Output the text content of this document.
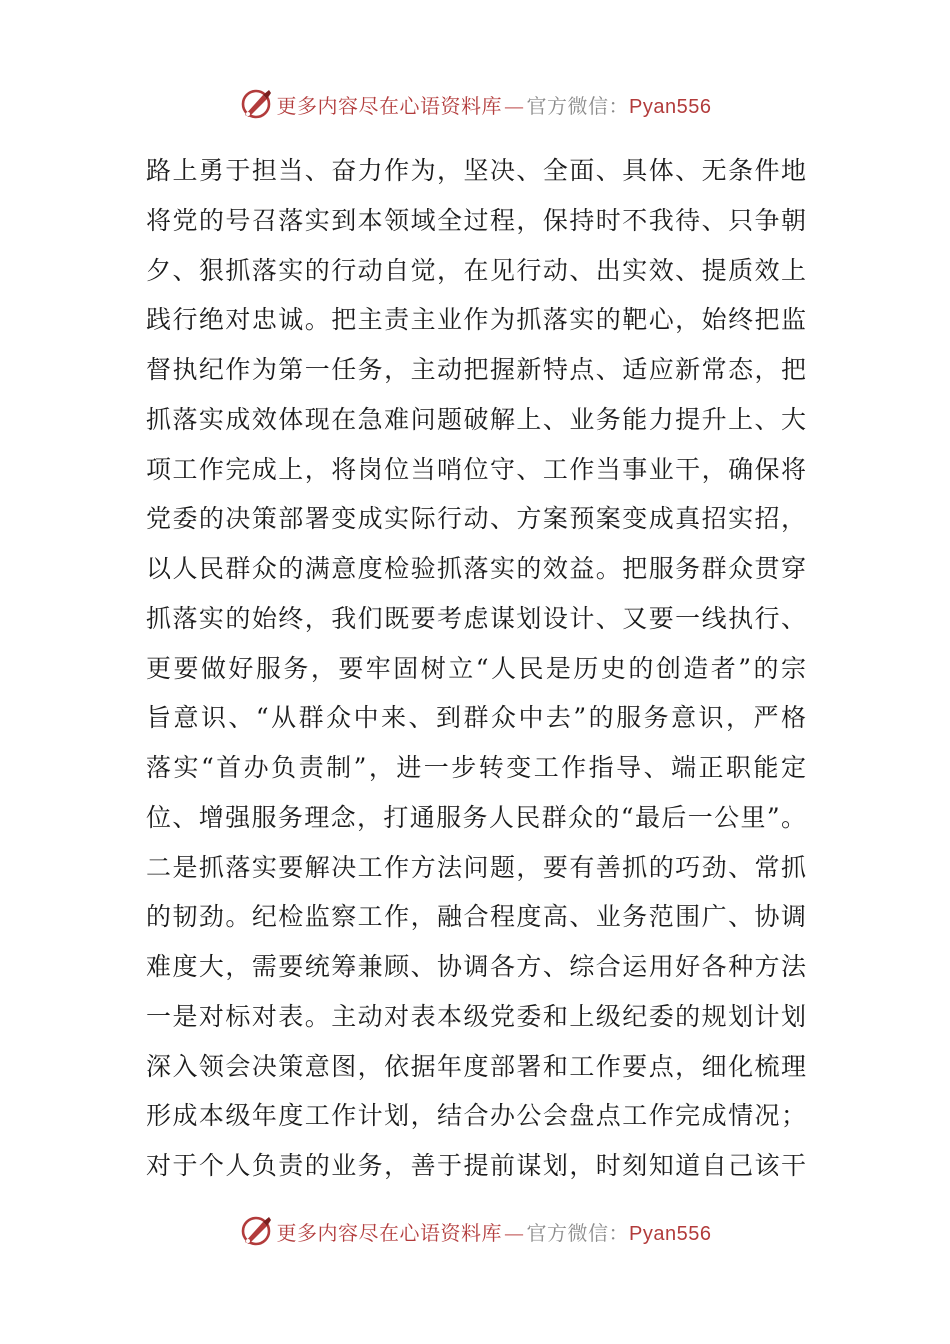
更多内容尽在心语资料库 — 官方微信：Pyan556
路上勇于担当、奋力作为，坚决、全面、具体、无条件地
将党的号召落实到本领域全过程，保持时不我待、只争朝
夕、狠抓落实的行动自觉，在见行动、出实效、提质效上
践行绝对忠诚。把主责主业作为抓落实的靶心，始终把监
督执纪作为第一任务，主动把握新特点、适应新常态，把
抓落实成效体现在急难问题破解上、业务能力提升上、大
项工作完成上，将岗位当哨位守、工作当事业干，确保将
党委的决策部署变成实际行动、方案预案变成真招实招，
以人民群众的满意度检验抓落实的效益。把服务群众贯穿
抓落实的始终，我们既要考虑谋划设计、又要一线执行、
更要做好服务，要牢固树立“人民是历史的创造者”的宗
旨意识、“从群众中来、到群众中去”的服务意识，严格
落实“首办负责制”，进一步转变工作指导、端正职能定
位、增强服务理念，打通服务人民群众的“最后一公里”。
二是抓落实要解决工作方法问题，要有善抓的巧劲、常抓
的韧劲。纪检监察工作，融合程度高、业务范围广、协调
难度大，需要统筹兼顾、协调各方、综合运用好各种方法
一是对标对表。主动对表本级党委和上级纪委的规划计划
深入领会决策意图，依据年度部署和工作要点，细化梳理
形成本级年度工作计划，结合办公会盘点工作完成情况；
对于个人负责的业务，善于提前谋划，时刻知道自己该干
更多内容尽在心语资料库 — 官方微信：Pyan556
